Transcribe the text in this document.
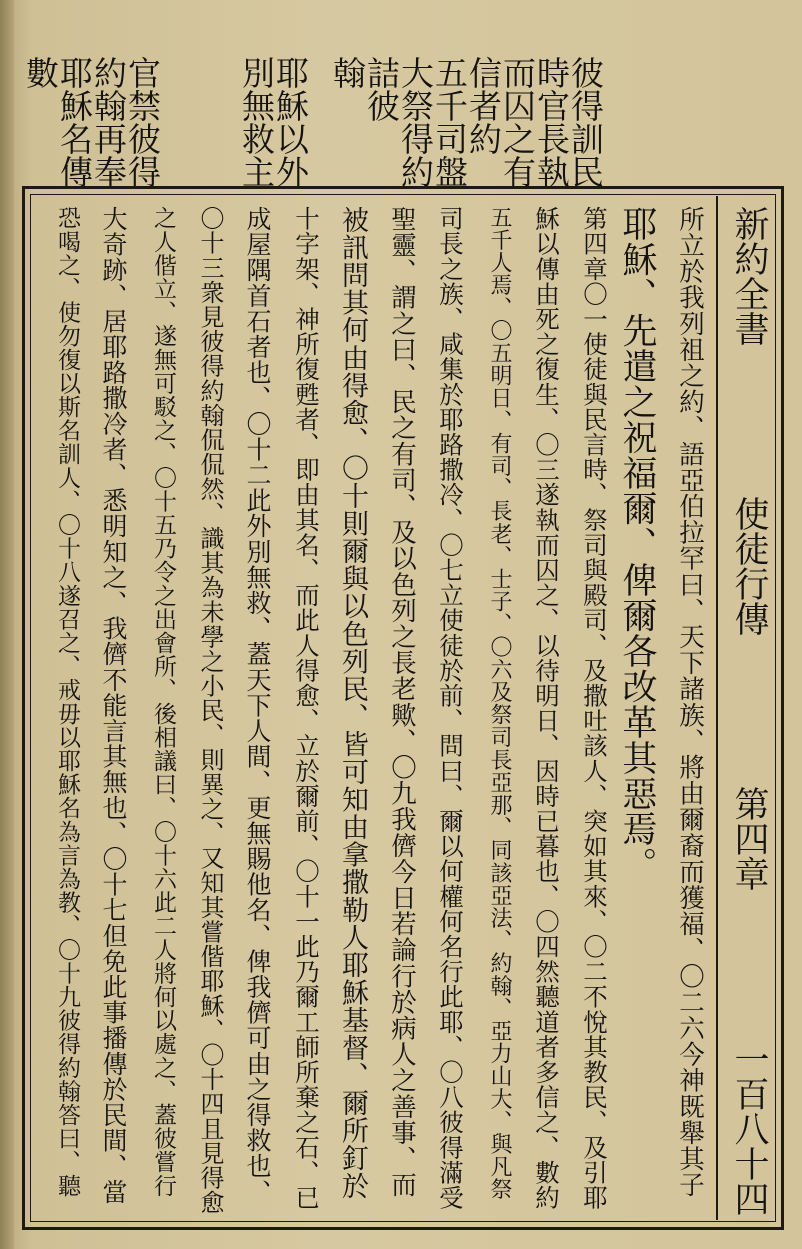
彼得訓民
時官長執
而囚之有
信者約
五千司盤
大祭得約
詰彼
翰
耶穌以外
別無救主
官禁彼得
約翰再奉
耶穌名傳
數
新約全書
使徒行傳
第四章
一百八十四
所立於我列祖之約、語亞伯拉罕曰、天下諸族、將由爾裔而獲福、〇二六今神既舉其子
耶穌、先遣之祝福爾、俾爾各改革其惡焉。
第四章〇一使徒與民言時、祭司與殿司、及撒吐該人、突如其來、〇二不悅其教民、及引耶
穌以傳由死之復生、〇三遂執而囚之、以待明日、因時已暮也、〇四然聽道者多信之、數約
五千人焉、〇五明日、有司、長老、士子、〇六及祭司長亞那、同該亞法、約翰、亞力山大、與凡祭
司長之族、咸集於耶路撒冷、〇七立使徒於前、問曰、爾以何權何名行此耶、〇八彼得滿受
聖靈、謂之曰、民之有司、及以色列之長老歟、〇九我儕今日若論行於病人之善事、而
被訊問其何由得愈、〇十則爾與以色列民、皆可知由拿撒勒人耶穌基督、爾所釘於
十字架、神所復甦者、即由其名、而此人得愈、立於爾前、〇十一此乃爾工師所棄之石、已
成屋隅首石者也、〇十二此外別無救、蓋天下人間、更無賜他名、俾我儕可由之得救也、
〇十三衆見彼得約翰侃侃然、識其為未學之小民、則異之、又知其嘗偕耶穌、〇十四且見得愈
之人偕立、遂無可駁之、〇十五乃令之出會所、後相議曰、〇十六此二人將何以處之、蓋彼嘗行
大奇跡、居耶路撒冷者、悉明知之、我儕不能言其無也、〇十七但免此事播傳於民間、當
恐喝之、使勿復以斯名訓人、〇十八遂召之、戒毋以耶穌名為言為教、〇十九彼得約翰答曰、聽
